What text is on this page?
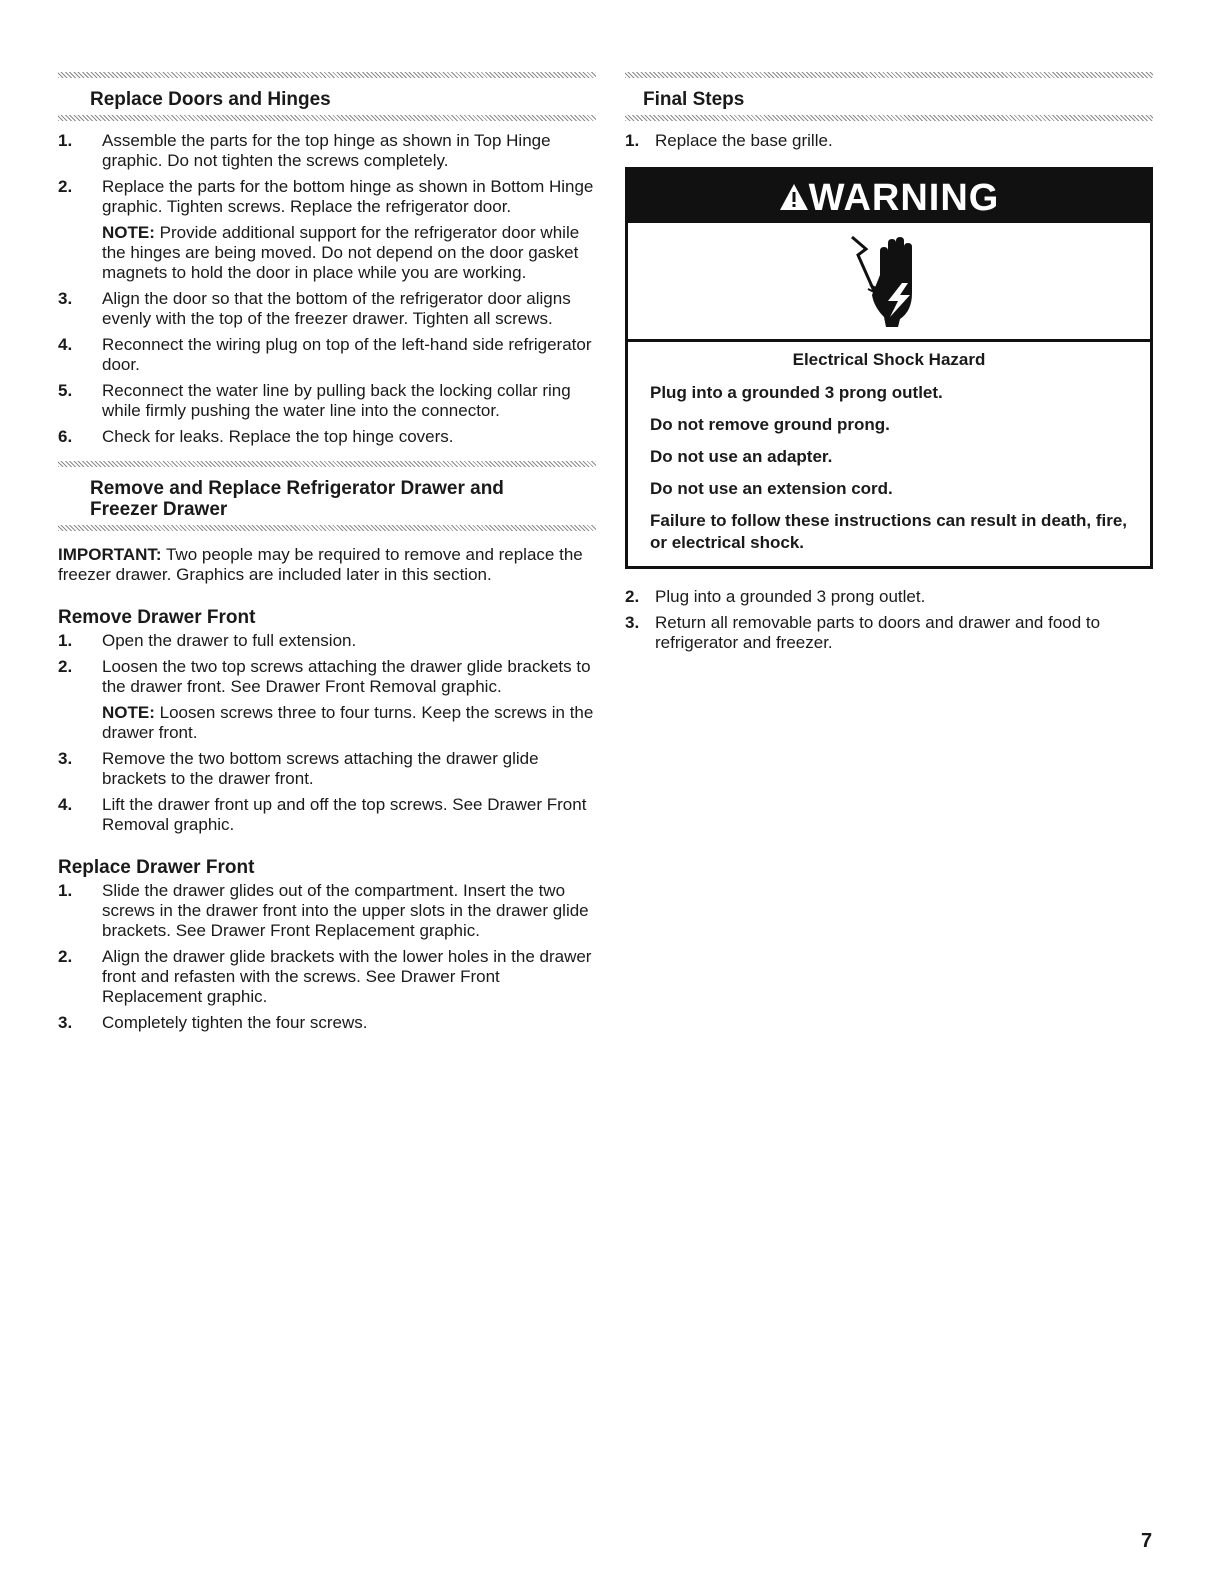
Replace Doors and Hinges
1. Assemble the parts for the top hinge as shown in Top Hinge graphic. Do not tighten the screws completely.
2. Replace the parts for the bottom hinge as shown in Bottom Hinge graphic. Tighten screws. Replace the refrigerator door.
NOTE: Provide additional support for the refrigerator door while the hinges are being moved. Do not depend on the door gasket magnets to hold the door in place while you are working.
3. Align the door so that the bottom of the refrigerator door aligns evenly with the top of the freezer drawer. Tighten all screws.
4. Reconnect the wiring plug on top of the left-hand side refrigerator door.
5. Reconnect the water line by pulling back the locking collar ring while firmly pushing the water line into the connector.
6. Check for leaks. Replace the top hinge covers.
Remove and Replace Refrigerator Drawer and Freezer Drawer

IMPORTANT: Two people may be required to remove and replace the freezer drawer. Graphics are included later in this section.

Remove Drawer Front
1. Open the drawer to full extension.
2. Loosen the two top screws attaching the drawer glide brackets to the drawer front. See Drawer Front Removal graphic.
NOTE: Loosen screws three to four turns. Keep the screws in the drawer front.
3. Remove the two bottom screws attaching the drawer glide brackets to the drawer front.
4. Lift the drawer front up and off the top screws. See Drawer Front Removal graphic.
Replace Drawer Front
1. Slide the drawer glides out of the compartment. Insert the two screws in the drawer front into the upper slots in the drawer glide brackets. See Drawer Front Replacement graphic.
2. Align the drawer glide brackets with the lower holes in the drawer front and refasten with the screws. See Drawer Front Replacement graphic.
3. Completely tighten the four screws.
Final Steps
1. Replace the base grille.
WARNING
Electrical Shock Hazard

Plug into a grounded 3 prong outlet.

Do not remove ground prong.

Do not use an adapter.

Do not use an extension cord.

Failure to follow these instructions can result in death, fire, or electrical shock.

2. Plug into a grounded 3 prong outlet.
3. Return all removable parts to doors and drawer and food to refrigerator and freezer.
7
